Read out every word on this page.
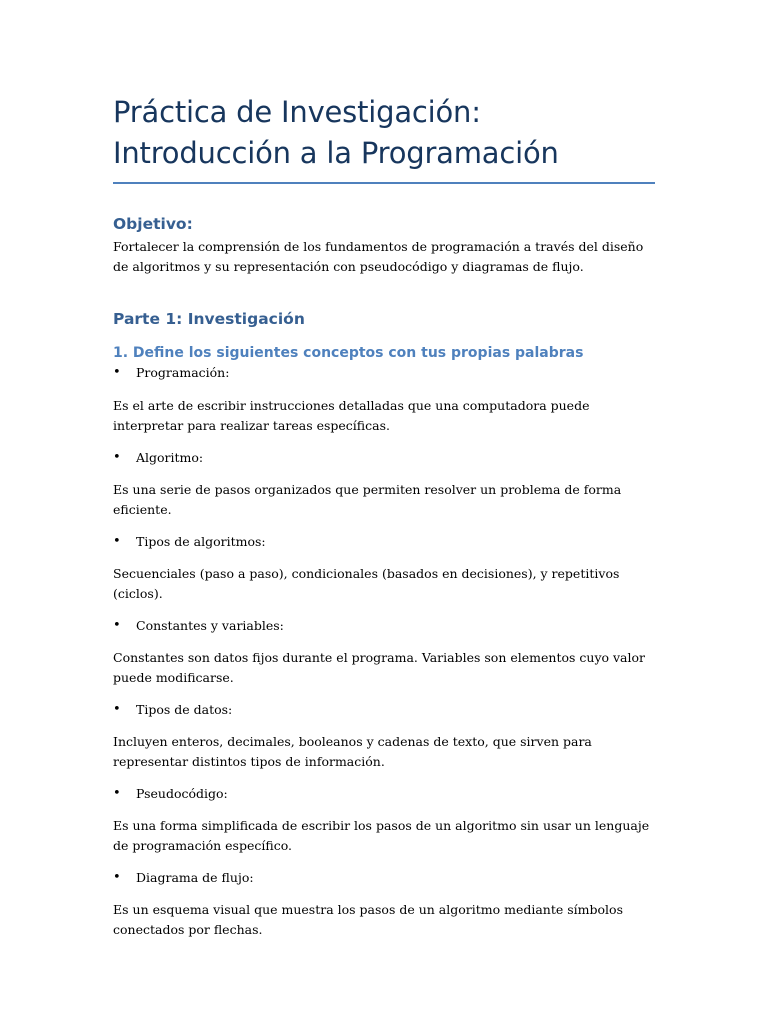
Práctica de Investigación: Introducción a la Programación
Objetivo:

Fortalecer la comprensión de los fundamentos de programación a través del diseño de algoritmos y su representación con pseudocódigo y diagramas de flujo.

Parte 1: Investigación
1. Define los siguientes conceptos con tus propias palabras
• Programación:

Es el arte de escribir instrucciones detalladas que una computadora puede interpretar para realizar tareas específicas.

• Algoritmo:

Es una serie de pasos organizados que permiten resolver un problema de forma eficiente.

• Tipos de algoritmos:

Secuenciales (paso a paso), condicionales (basados en decisiones), y repetitivos (ciclos).

• Constantes y variables:

Constantes son datos fijos durante el programa. Variables son elementos cuyo valor puede modificarse.

• Tipos de datos:

Incluyen enteros, decimales, booleanos y cadenas de texto, que sirven para representar distintos tipos de información.

• Pseudocódigo:

Es una forma simplificada de escribir los pasos de un algoritmo sin usar un lenguaje de programación específico.

• Diagrama de flujo:

Es un esquema visual que muestra los pasos de un algoritmo mediante símbolos conectados por flechas.
